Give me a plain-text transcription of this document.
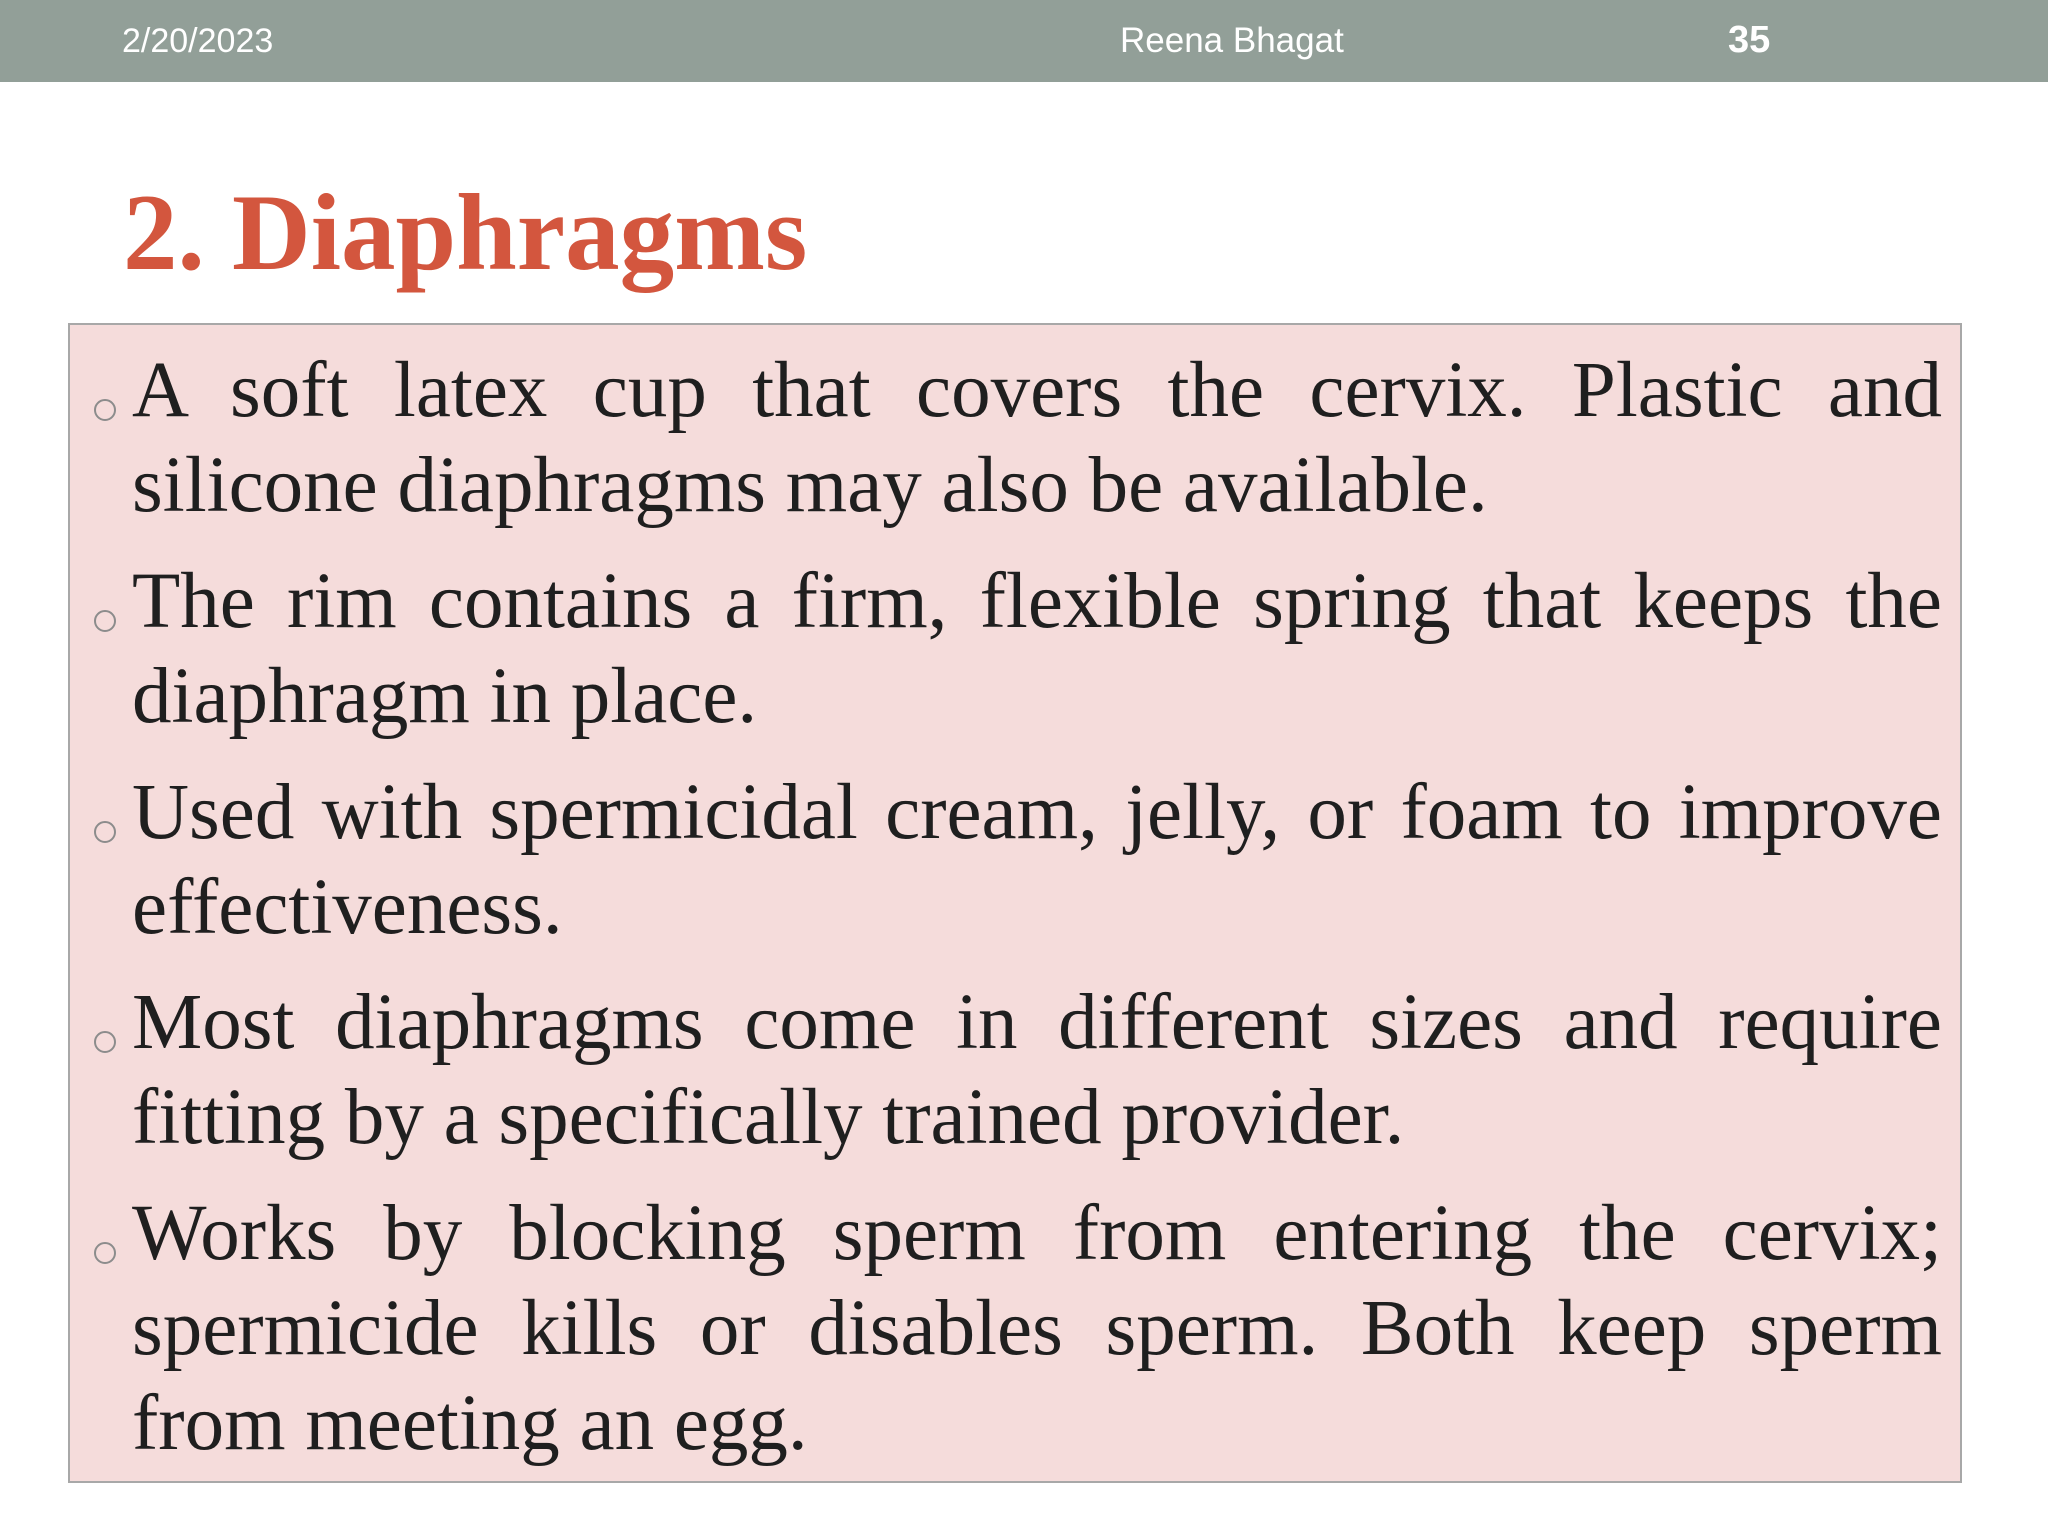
2/20/2023	Reena Bhagat	35
2. Diaphragms
A soft latex cup that covers the cervix. Plastic and silicone diaphragms may also be available.
The rim contains a firm, flexible spring that keeps the diaphragm in place.
Used with spermicidal cream, jelly, or foam to improve effectiveness.
Most diaphragms come in different sizes and require fitting by a specifically trained provider.
Works by blocking sperm from entering the cervix; spermicide kills or disables sperm. Both keep sperm from meeting an egg.
